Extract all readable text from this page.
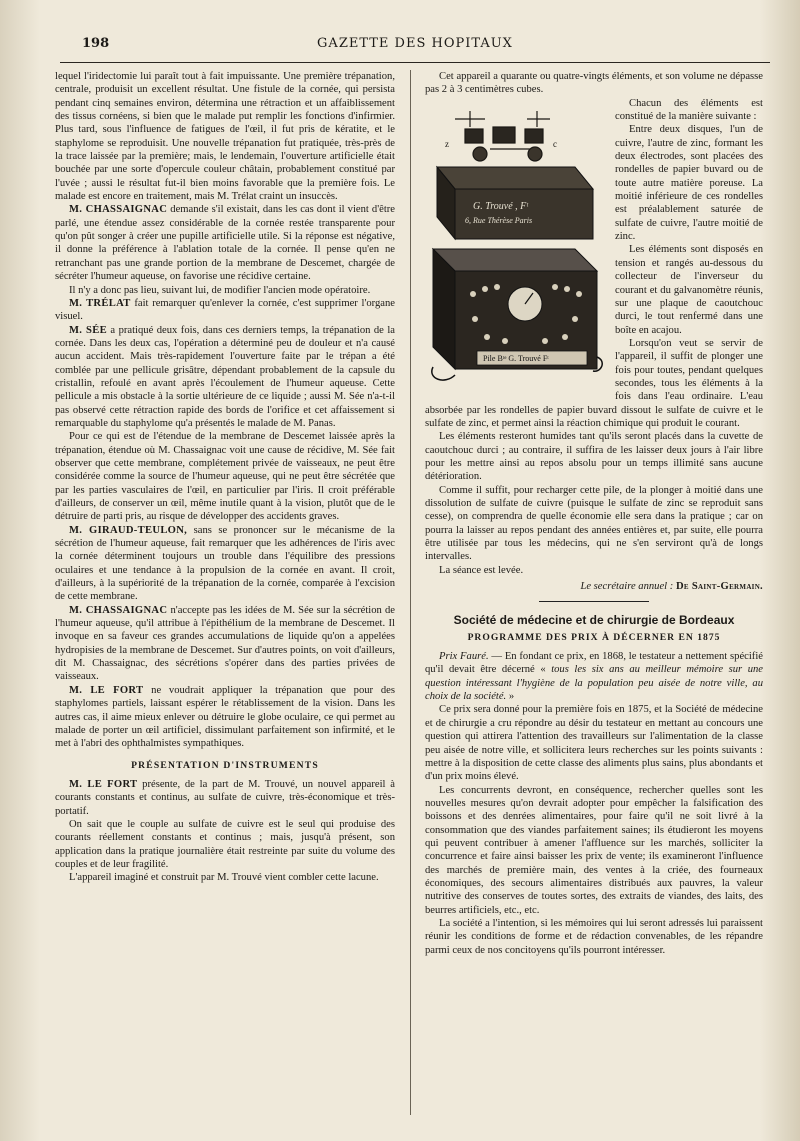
198	GAZETTE DES HOPITAUX

lequel l'iridectomie lui paraît tout à fait impuissante. Une première trépanation, centrale, produisit un excellent résultat. Une fistule de la cornée, qui persista pendant cinq semaines environ, détermina une rétraction et un affaiblissement des tissus cornéens, si bien que le malade put remplir les fonctions d'infirmier. Plus tard, sous l'influence de fatigues de l'œil, il fut pris de kératite, et le staphylome se reproduisit. Une nouvelle trépanation fut pratiquée, très-près de la trace laissée par la première; mais, le lendemain, l'ouverture artificielle était bouchée par une sorte d'opercule couleur châtain, probablement constitué par l'uvée ; aussi le résultat fut-il bien moins favorable que la première fois. Le malade est encore en traitement, mais M. Trélat craint un insuccès.

M. CHASSAIGNAC demande s'il existait, dans les cas dont il vient d'être parlé, une étendue assez considérable de la cornée restée transparente pour qu'on pût songer à créer une pupille artificielle utile. Si la réponse est négative, il donne la préférence à l'ablation totale de la cornée. Il pense qu'en ne retranchant pas une grande portion de la membrane de Descemet, chargée de sécréter l'humeur aqueuse, on favorise une récidive certaine.

Il n'y a donc pas lieu, suivant lui, de modifier l'ancien mode opératoire.

M. TRÉLAT fait remarquer qu'enlever la cornée, c'est supprimer l'organe visuel.

M. SÉE a pratiqué deux fois, dans ces derniers temps, la trépanation de la cornée. Dans les deux cas, l'opération a déterminé peu de douleur et n'a causé aucun accident. Mais très-rapidement l'ouverture faite par le trépan a été comblée par une pellicule grisâtre, dépendant probablement de la capsule du cristallin, refoulé en avant après l'écoulement de l'humeur aqueuse. Cette pellicule a mis obstacle à la sortie ultérieure de ce liquide ; aussi M. Sée n'a-t-il pas observé cette rétraction rapide des bords de l'orifice et cet affaissement si remarquable du staphylome qu'a présentés le malade de M. Panas.

Pour ce qui est de l'étendue de la membrane de Descemet laissée après la trépanation, étendue où M. Chassaignac voit une cause de récidive, M. Sée fait observer que cette membrane, complétement privée de vaisseaux, ne peut être considérée comme la source de l'humeur aqueuse, qui ne peut être sécrétée que par les parties vasculaires de l'œil, en particulier par l'iris. Il croit préférable d'ailleurs, de conserver un œil, même inutile quant à la vision, plutôt que de le détruire de parti pris, au risque de développer des accidents graves.

M. GIRAUD-TEULON, sans se prononcer sur le mécanisme de la sécrétion de l'humeur aqueuse, fait remarquer que les adhérences de l'iris avec la cornée déterminent toujours un trouble dans l'équilibre des pressions oculaires et une tendance à la propulsion de la cornée en avant. Il croit, d'ailleurs, à la supériorité de la trépanation de la cornée, comparée à l'excision de cette membrane.

M. CHASSAIGNAC n'accepte pas les idées de M. Sée sur la sécrétion de l'humeur aqueuse, qu'il attribue à l'épithélium de la membrane de Descemet. Il invoque en sa faveur ces grandes accumulations de liquide qu'on a appelées hydropisies de la membrane de Descemet. Sur d'autres points, on voit d'ailleurs, dit M. Chassaignac, des sécrétions s'opérer dans des parties privées de vaisseaux.

M. LE FORT ne voudrait appliquer la trépanation que pour des staphylomes partiels, laissant espérer le rétablissement de la vision. Dans les autres cas, il aime mieux enlever ou détruire le globe oculaire, ce qui permet au malade de porter un œil artificiel, dissimulant parfaitement son infirmité, et le met à l'abri des ophthalmistes sympathiques.

PRÉSENTATION D'INSTRUMENTS

M. LE FORT présente, de la part de M. Trouvé, un nouvel appareil à courants constants et continus, au sulfate de cuivre, très-économique et très-portatif.

On sait que le couple au sulfate de cuivre est le seul qui produise des courants réellement constants et continus ; mais, jusqu'à présent, son application dans la pratique journalière était restreinte par suite du volume des couples et de leur fragilité.

L'appareil imaginé et construit par M. Trouvé vient combler cette lacune.

Cet appareil a quarante ou quatre-vingts éléments, et son volume ne dépasse pas 2 à 3 centimètres cubes.

z	c
G. Trouvé , Fᵗ
6, Rue Thérèse Paris
Pile Bᵗᵉ G. Trouvé Fᵗ

Chacun des éléments est constitué de la manière suivante :

Entre deux disques, l'un de cuivre, l'autre de zinc, formant les deux électrodes, sont placées des rondelles de papier buvard ou de toute autre matière poreuse. La moitié inférieure de ces rondelles est préalablement saturée de sulfate de cuivre, l'autre moitié de zinc.

Les éléments sont disposés en tension et rangés au-dessous du collecteur de l'inverseur du courant et du galvanomètre réunis, sur une plaque de caoutchouc durci, le tout renfermé dans une boîte en acajou.

Lorsqu'on veut se servir de l'appareil, il suffit de plonger une fois pour toutes, pendant quelques secondes, tous les éléments à la fois dans l'eau ordinaire. L'eau absorbée par les rondelles de papier buvard dissout le sulfate de cuivre et le sulfate de zinc, et permet ainsi la réaction chimique qui produit le courant.

Les éléments resteront humides tant qu'ils seront placés dans la cuvette de caoutchouc durci ; au contraire, il suffira de les laisser deux jours à l'air libre pour les mettre ainsi au repos absolu pour un temps illimité sans aucune détérioration.

Comme il suffit, pour recharger cette pile, de la plonger à moitié dans une dissolution de sulfate de cuivre (puisque le sulfate de zinc se reproduit sans cesse), on comprendra de quelle économie elle sera dans la pratique ; car on pourra la laisser au repos pendant des années entières et, par suite, elle pourra être utilisée par tous les médecins, qui ne s'en serviront qu'à de longs intervalles.

La séance est levée.

Le secrétaire annuel : De Saint-Germain.
Société de médecine et de chirurgie de Bordeaux
PROGRAMME DES PRIX À DÉCERNER EN 1875

Prix Fauré. — En fondant ce prix, en 1868, le testateur a nettement spécifié qu'il devait être décerné « tous les six ans au meilleur mémoire sur une question intéressant l'hygiène de la population peu aisée de notre ville, au choix de la société. »

Ce prix sera donné pour la première fois en 1875, et la Société de médecine et de chirurgie a cru répondre au désir du testateur en mettant au concours une question qui attirera l'attention des travailleurs sur l'alimentation de la classe peu aisée de notre ville, et sollicitera leurs recherches sur les points suivants : mettre à la disposition de cette classe des aliments plus sains, plus abondants et d'un prix moins élevé.

Les concurrents devront, en conséquence, rechercher quelles sont les nouvelles mesures qu'on devrait adopter pour empêcher la falsification des boissons et des denrées alimentaires, pour faire qu'il ne soit livré à la consommation que des viandes parfaitement saines; ils étudieront les moyens qui peuvent contribuer à amener l'affluence sur les marchés, solliciter la concurrence et faire ainsi baisser les prix de vente; ils examineront l'influence des marchés de première main, des ventes à la criée, des fourneaux économiques, des secours alimentaires distribués aux pauvres, la valeur nutritive des conserves de toutes sortes, des extraits de viandes, des laits, des beurres artificiels, etc., etc.

La société a l'intention, si les mémoires qui lui seront adressés lui paraissent réunir les conditions de forme et de rédaction convenables, de les répandre parmi ceux de nos concitoyens qu'ils pourront intéresser.
